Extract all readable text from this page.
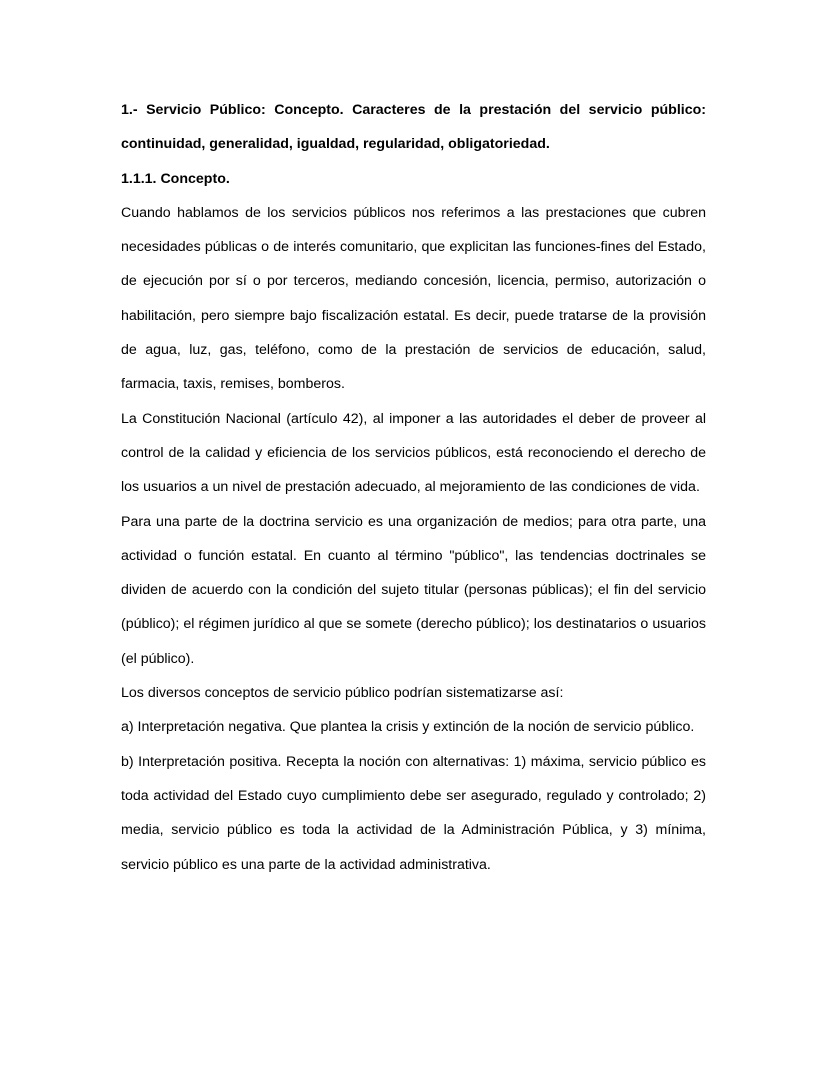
1.- Servicio Público: Concepto. Caracteres de la prestación del servicio público: continuidad, generalidad, igualdad, regularidad, obligatoriedad.

1.1.1. Concepto.

Cuando hablamos de los servicios públicos nos referimos a las prestaciones que cubren necesidades públicas o de interés comunitario, que explicitan las funciones-fines del Estado, de ejecución por sí o por terceros, mediando concesión, licencia, permiso, autorización o habilitación, pero siempre bajo fiscalización estatal. Es decir, puede tratarse de la provisión de agua, luz, gas, teléfono, como de la prestación de servicios de educación, salud, farmacia, taxis, remises, bomberos.

La Constitución Nacional (artículo 42), al imponer a las autoridades el deber de proveer al control de la calidad y eficiencia de los servicios públicos, está reconociendo el derecho de los usuarios a un nivel de prestación adecuado, al mejoramiento de las condiciones de vida.

Para una parte de la doctrina servicio es una organización de medios; para otra parte, una actividad o función estatal. En cuanto al término "público", las tendencias doctrinales se dividen de acuerdo con la condición del sujeto titular (personas públicas); el fin del servicio (público); el régimen jurídico al que se somete (derecho público); los destinatarios o usuarios (el público).

Los diversos conceptos de servicio público podrían sistematizarse así:

a) Interpretación negativa. Que plantea la crisis y extinción de la noción de servicio público.

b) Interpretación positiva. Recepta la noción con alternativas: 1) máxima, servicio público es toda actividad del Estado cuyo cumplimiento debe ser asegurado, regulado y controlado; 2) media, servicio público es toda la actividad de la Administración Pública, y 3) mínima, servicio público es una parte de la actividad administrativa.
